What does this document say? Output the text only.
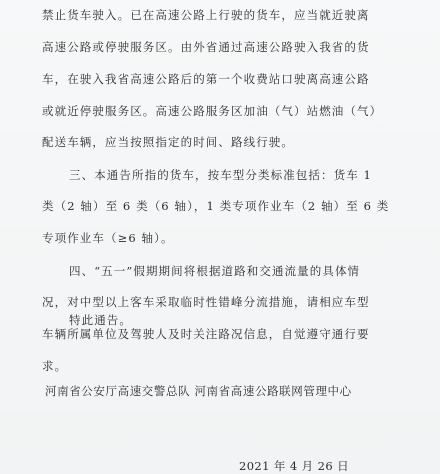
禁止货车驶入。已在高速公路上行驶的货车，应当就近驶离
高速公路或停驶服务区。由外省通过高速公路驶入我省的货
车，在驶入我省高速公路后的第一个收费站口驶离高速公路
或就近停驶服务区。高速公路服务区加油（气）站燃油（气）
配送车辆，应当按照指定的时间、路线行驶。
三、本通告所指的货车，按车型分类标准包括：货车 1
类（2 轴）至 6 类（6 轴），1 类专项作业车（2 轴）至 6 类
专项作业车（≥6 轴）。
四、“五一”假期期间将根据道路和交通流量的具体情
况，对中型以上客车采取临时性错峰分流措施，请相应车型
车辆所属单位及驾驶人及时关注路况信息，自觉遵守通行要
求。
特此通告。
河南省公安厅高速交警总队 河南省高速公路联网管理中心
2021 年 4 月 26 日
